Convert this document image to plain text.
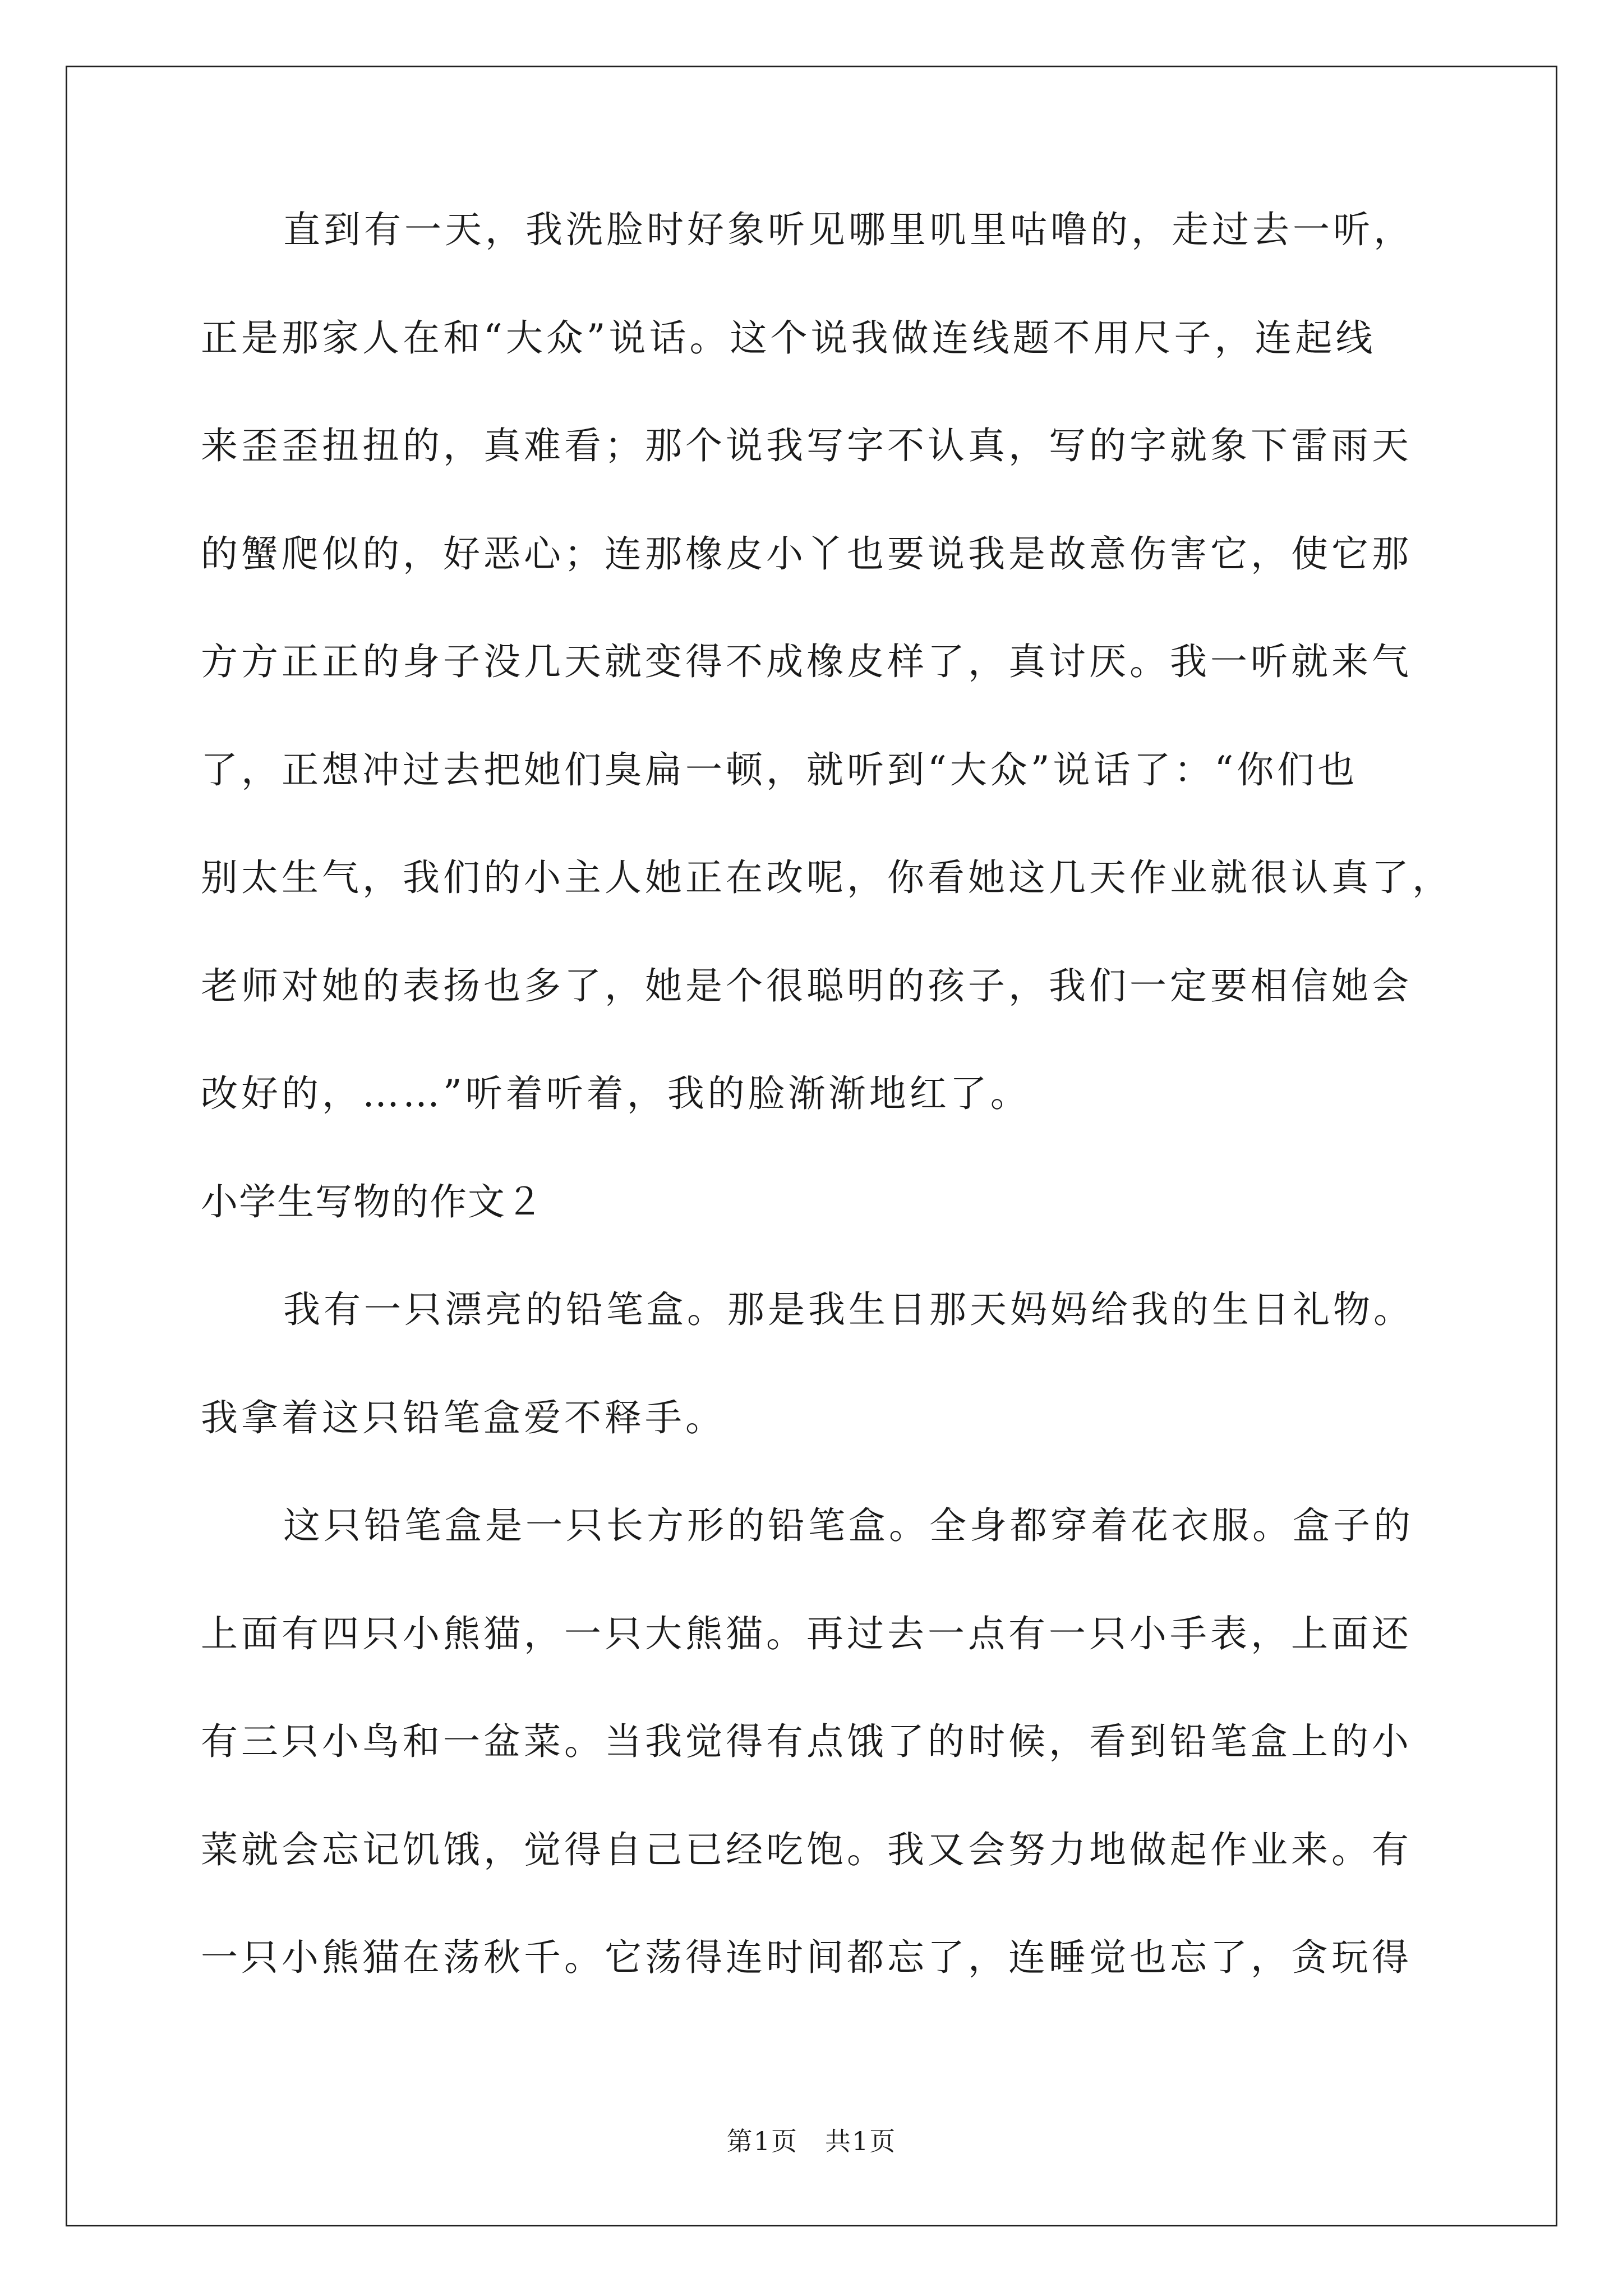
直到有一天，我洗脸时好象听见哪里叽里咕噜的，走过去一听，
正是那家人在和“大众”说话。这个说我做连线题不用尺子，连起线
来歪歪扭扭的，真难看；那个说我写字不认真，写的字就象下雷雨天
的蟹爬似的，好恶心；连那橡皮小丫也要说我是故意伤害它，使它那
方方正正的身子没几天就变得不成橡皮样了，真讨厌。我一听就来气
了，正想冲过去把她们臭扁一顿，就听到“大众”说话了：“你们也
别太生气，我们的小主人她正在改呢，你看她这几天作业就很认真了，
老师对她的表扬也多了，她是个很聪明的孩子，我们一定要相信她会
改好的，……”听着听着，我的脸渐渐地红了。
小学生写物的作文２
我有一只漂亮的铅笔盒。那是我生日那天妈妈给我的生日礼物。
我拿着这只铅笔盒爱不释手。
这只铅笔盒是一只长方形的铅笔盒。全身都穿着花衣服。盒子的
上面有四只小熊猫，一只大熊猫。再过去一点有一只小手表，上面还
有三只小鸟和一盆菜。当我觉得有点饿了的时候，看到铅笔盒上的小
菜就会忘记饥饿，觉得自己已经吃饱。我又会努力地做起作业来。有
一只小熊猫在荡秋千。它荡得连时间都忘了，连睡觉也忘了，贪玩得
第1页　共1页
